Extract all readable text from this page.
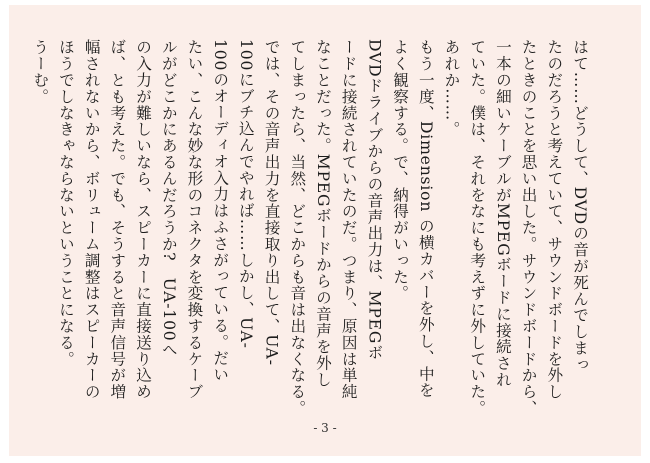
はて……どうして、DVDの音が死んでしまっ
たのだろうと考えていて、サウンドボードを外し
たときのことを思い出した。サウンドボードから、
一本の細いケーブルがMPEGボードに接続され
ていた。僕は、それをなにも考えずに外していた。
あれか……。
もう一度、Dimension の横カバーを外し、中を
よく観察する。で、納得がいった。
DVDドライブからの音声出力は、MPEGボ
ードに接続されていたのだ。つまり、原因は単純
なことだった。MPEGボードからの音声を外し
てしまったら、当然、どこからも音は出なくなる。
では、その音声出力を直接取り出して、UA-
100にブチ込んでやれば……しかし、UA-
100のオーディオ入力はふさがっている。だい
たい、こんな妙な形のコネクタを変換するケーブ
ルがどこかにあるんだろうか?　UA-100へ
の入力が難しいなら、スピーカーに直接送り込め
ば、とも考えた。でも、そうすると音声信号が増
幅されないから、ボリューム調整はスピーカーの
ほうでしなきゃならないということになる。
うーむ。
- 3 -
